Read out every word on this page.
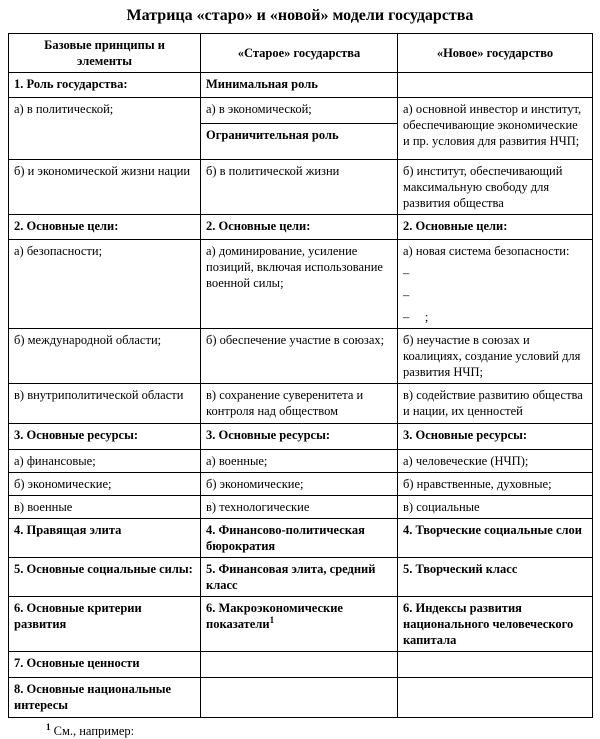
Матрица «старо» и «новой» модели государства
Базовые принципы и элементы	«Старое» государства	«Новое» государство
1. Роль государства:	Минимальная роль	
а) в политической;	а) в экономической;	а) основной инвестор и институт, обеспечивающие экономические и пр. условия для развития НЧП;
	Ограничительная роль	
б) и экономической жизни нации	б) в политической жизни	б) институт, обеспечивающий максимальную свободу для развития общества
2. Основные цели:	2. Основные цели:	2. Основные цели:
а) безопасности;	а) доминирование, усиление позиций, включая использование военной силы;	а) новая система безопасности:
–
–
–     ;

б) международной области;	б) обеспечение участие в союзах;	б) неучастие в союзах и коалициях, создание условий для развития НЧП;
в) внутриполитической области	в) сохранение суверенитета и контроля над обществом	в) содействие развитию общества и нации, их ценностей
3. Основные ресурсы:	3. Основные ресурсы:	3. Основные ресурсы:
а) финансовые;	а) военные;	а) человеческие (НЧП);
б) экономические;	б) экономические;	б) нравственные, духовные;
в) военные	в) технологические	в) социальные
4. Правящая элита	4. Финансово-политическая бюрократия	4. Творческие социальные слои
5. Основные социальные силы:	5. Финансовая элита, средний класс	5. Творческий класс
6. Основные критерии развития	6. Макроэкономические показатели$^1$	6. Индексы развития национального человеческого капитала
7. Основные ценности		
8. Основные национальные интересы		
$^1$ См., например:
